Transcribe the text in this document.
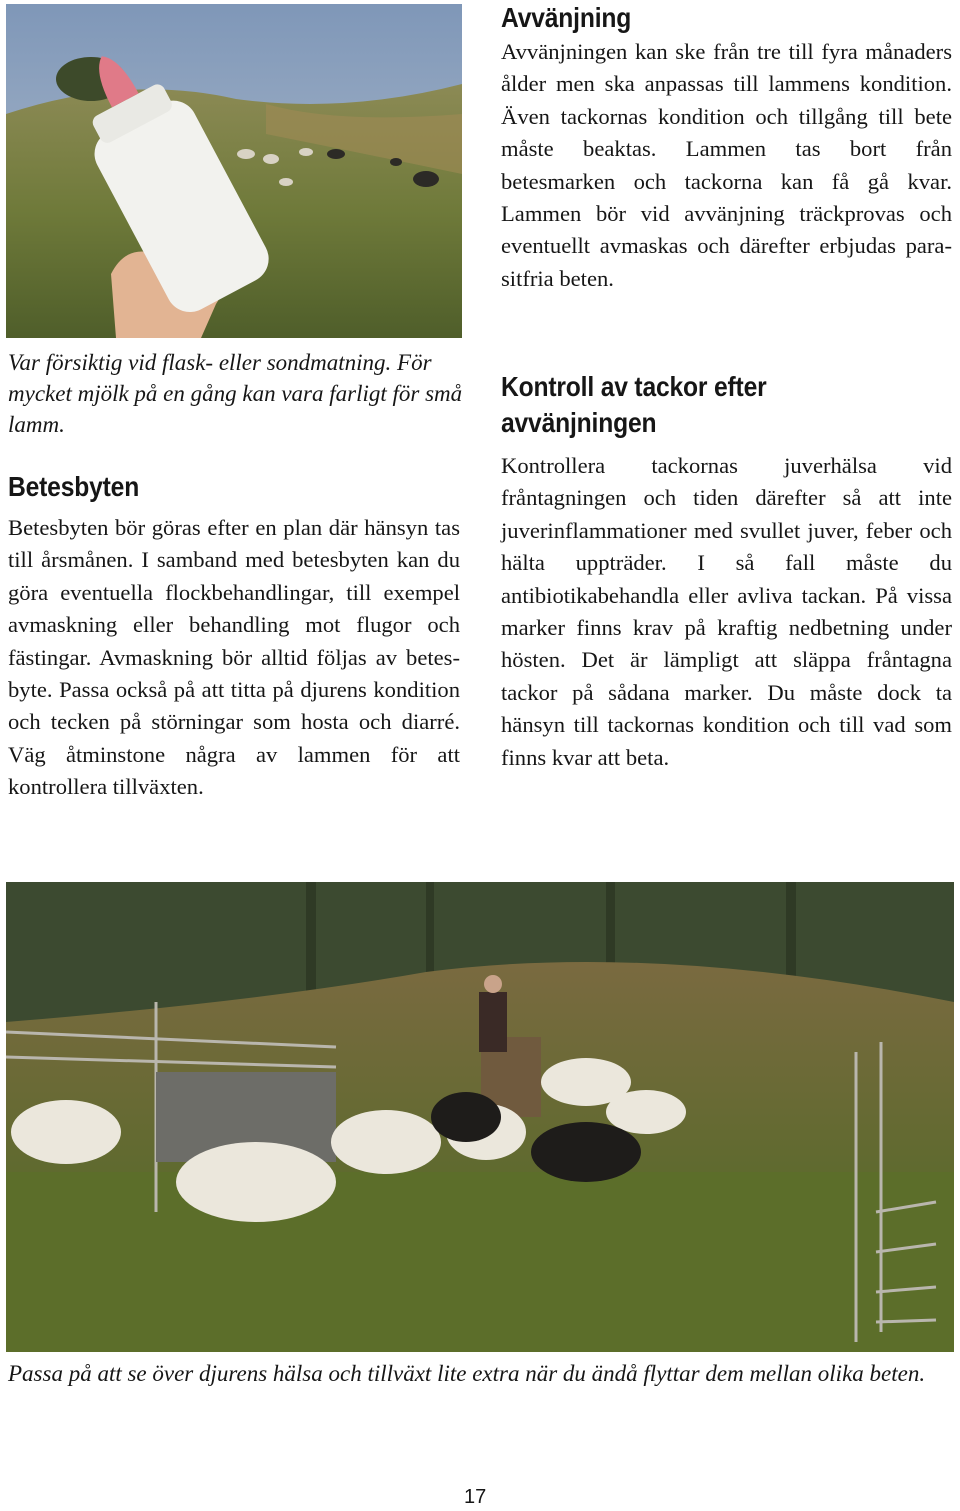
Var försiktig vid flask- eller sondmatning. För mycket mjölk på en gång kan vara farligt för små lamm.

Betesbyten

Betesbyten bör göras efter en plan där hänsyn tas till årsmånen. I samband med betesbyten kan du göra eventuella flockbehandlingar, till exempel avmaskning eller behandling mot flugor och fästingar. Avmaskning bör alltid följas av betesbyte. Passa också på att titta på djurens kondition och tecken på störningar som hosta och diarré. Väg åtminstone några av lammen för att kontrollera tillväxten.

Avvänjning

Avvänjningen kan ske från tre till fyra månaders ålder men ska anpassas till lammens kondition. Även tackornas kondition och tillgång till bete måste beaktas. Lammen tas bort från betesmarken och tackorna kan få gå kvar. Lammen bör vid avvänjning träckprovas och eventuellt avmaskas och därefter erbjudas parasitfria beten.

Kontroll av tackor efter avvänjningen

Kontrollera tackornas juverhälsa vid fråntagningen och tiden därefter så att inte juverinflammationer med svullet juver, feber och hälta uppträder. I så fall måste du antibiotikabehandla eller avliva tackan. På vissa marker finns krav på kraftig nedbetning under hösten. Det är lämpligt att släppa fråntagna tackor på sådana marker. Du måste dock ta hänsyn till tackornas kondition och till vad som finns kvar att beta.

Passa på att se över djurens hälsa och tillväxt lite extra när du ändå flyttar dem mellan olika beten.

17
